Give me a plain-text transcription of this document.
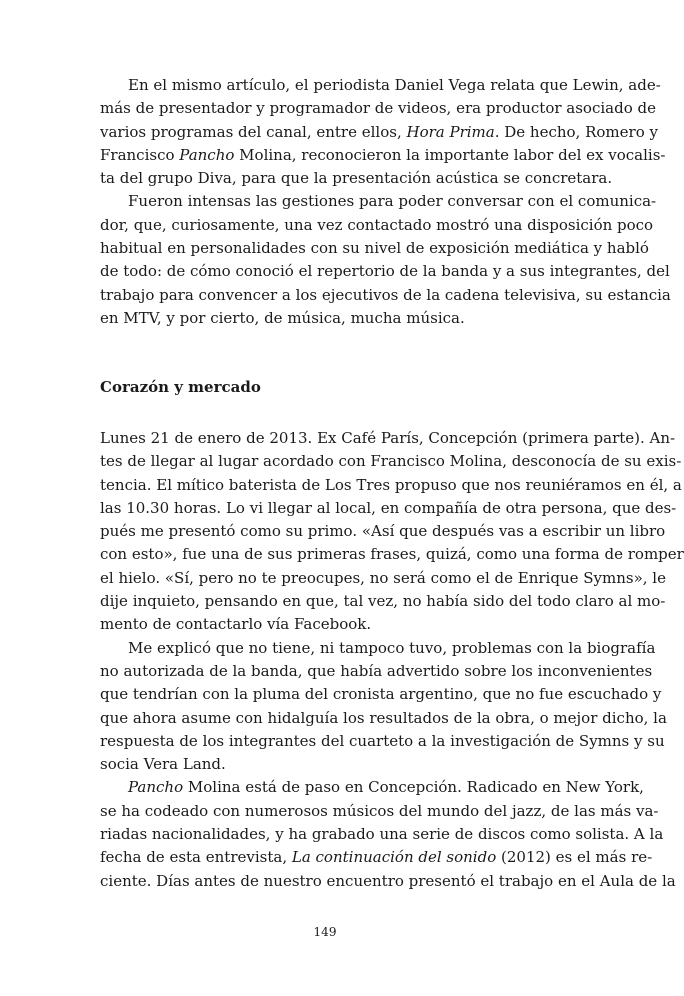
En el mismo artículo, el periodista Daniel Vega relata que Lewin, ade-
más de presentador y programador de videos, era productor asociado de
varios programas del canal, entre ellos, Hora Prima. De hecho, Romero y
Francisco Pancho Molina, reconocieron la importante labor del ex vocalis-
ta del grupo Diva, para que la presentación acústica se concretara.
Fueron intensas las gestiones para poder conversar con el comunica-
dor, que, curiosamente, una vez contactado mostró una disposición poco
habitual en personalidades con su nivel de exposición mediática y habló
de todo: de cómo conoció el repertorio de la banda y a sus integrantes, del
trabajo para convencer a los ejecutivos de la cadena televisiva, su estancia
en MTV, y por cierto, de música, mucha música.
Corazón y mercado
Lunes 21 de enero de 2013. Ex Café París, Concepción (primera parte). An-
tes de llegar al lugar acordado con Francisco Molina, desconocía de su exis-
tencia. El mítico baterista de Los Tres propuso que nos reuniéramos en él, a
las 10.30 horas. Lo vi llegar al local, en compañía de otra persona, que des-
pués me presentó como su primo. «Así que después vas a escribir un libro
con esto», fue una de sus primeras frases, quizá, como una forma de romper
el hielo. «Sí, pero no te preocupes, no será como el de Enrique Symns», le
dije inquieto, pensando en que, tal vez, no había sido del todo claro al mo-
mento de contactarlo vía Facebook.
Me explicó que no tiene, ni tampoco tuvo, problemas con la biografía
no autorizada de la banda, que había advertido sobre los inconvenientes
que tendrían con la pluma del cronista argentino, que no fue escuchado y
que ahora asume con hidalguía los resultados de la obra, o mejor dicho, la
respuesta de los integrantes del cuarteto a la investigación de Symns y su
socia Vera Land.
Pancho Molina está de paso en Concepción. Radicado en New York,
se ha codeado con numerosos músicos del mundo del jazz, de las más va-
riadas nacionalidades, y ha grabado una serie de discos como solista. A la
fecha de esta entrevista, La continuación del sonido (2012) es el más re-
ciente. Días antes de nuestro encuentro presentó el trabajo en el Aula de la
149
